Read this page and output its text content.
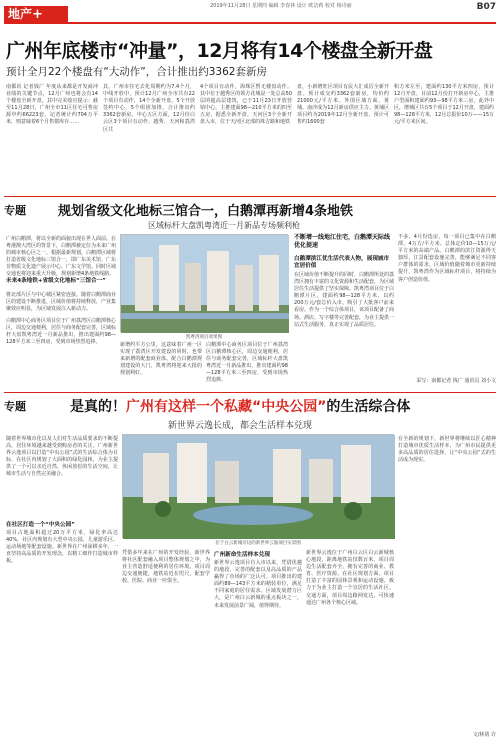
地产+
2019年11月28日 星期四 编辑 李春林 设计 欧洁莉 校对 杨诗丽	B07
广州年底楼市“冲量”，12月将有14个楼盘全新开盘
预计全月22个楼盘有“大动作”，合计推出约3362套新房
南都讯 记者钱广 年度从来都是开发商冲业绩的关键节点，12月广州也将会有14个楼盘全新开盘，其中完美收官提示：截至11月28日，广州全市11区住宅可售房源中约66223套，记者统计约704万平米，则意味着6个月售罄库存……
其，广州市住宅去化周期约为7.4个月，中线开放中，预计12月广州全市共有22个项目有动作，14个全新开盘，5个开放签约中心，5个组团加推，合计推出约3362套新房。中心五区方面，12月份白云区3个项目有动作，越秀、天河和荔湾区共
4个项目有动作，海珠区暂无楼盘动作。其中位于越秀区的领方花城是一处总高50层的超高层建筑，已于11月23日开放营销中心。主推建面98—210平方米的四至五房，据悉全新开盘。天河区3个全新开盘入市，位于天河区北部的珠吉路和地铁
盘，小新增旺区项目有民大汇成厉全新开盘。预计成交约3362套新房，均价约21000元/平方米。外围区域方面，黄埔、南沙成为12月新房供应主力。黄埔区项目约为2019年12月全新开盘，预计可售约1600套
积方米左至，建面约130平方米四房，预计12月开盘。目前12月份打开新房中心，主推户型面积建面约93—98平方米三房，此外中区，增城区共有5个项目于12月开盘，建面约98—128平方米，12月总报价10万——15万元/平方米区间。
专题 规划省级文化地标三馆合一，白鹅潭再新增4条地铁
区域标杆大盘凯粤湾近一月新品专场频利枪
广州白鹅潭，将以全新的面貌出现在世人面前。在粤港澳大湾区的背景下，白鹅潭被定位为未来广州的城市核心区之一。根据最新规划，白鹅潭区域将打造省级文化地标三馆合一，即广东美术馆、广东非物质文化遗产展示中心、广东文学馆。同时区域交通也将迎来重大升级，规划新增4条地铁线路。
未来4条地铁+省级文化地标“三馆合一”
将北部片区与中心城区紧密连接。随着白鹅潭商业区的建设不断推进，区域价值将持续释放，产业集聚效应明显，为区域发展注入新动力。
凯粤湾项目效果图
新增约平方公里，这意味着广州一区实现了荔湾区开发建设的同时，也带来新增的配套商业体。配合白鹅潭规划建设的大门，凯粤湾将迎来大批的规划利好。
白鹅潭中心商务区项目位于广州荔湾区白鹅潭核心区，周边交通便利，居住与商务配套完善，区域标杆大盘凯粤湾近一月新品推出，推出建面约98—128平方米三至四房，受到市场热烈追捧。
白鹅潭中心商务区项目位于广州荔湾区白鹅潭核心区，周边交通便利，居住与商务配套完善，区域标杆大盘凯粤湾近一月新品推出，推出建面约98—128平方米三至四房，受到市场热烈追捧。
不断增一线地江住宅，白鹅潭天际线优化提速
白鹅潭滨江优生活代表人物，展现城市宜居价值
在区域价值不断提升的同时，白鹅潭所处的荔湾区拥有丰富的文化资源和生活配套，为区域居住生活提供了坚实保障。凯粤湾项目位于白鹅潭片区，建面约98—128平方米，以约200万元/套总价入市，吸引了大批客户前来看房。作为一个综合体项目，该项目配备了商场、酒店、写字楼等完善配套，为业主提供一站式生活服务，真正实现了品质居住。
不多，4月份选房，每一项目已集中在白鹅潭，4万方/平方米。总体定价10—15万元/平方米的高端产品。白鹅潭的滨江资源得天独厚，江景配套设施完善，能够满足不同客户群体的需求。区域价值随着城市更新持续提升，凯粤湾作为区域标杆项目，将持续为客户创造价值。
采写：南都记者 钱广 通讯员 刘小文
专题	是真的！广州有这样一个私藏“中央公园”的生活综合体
新世界云逸长成，都会生活样本兑现
随着世界城市化以及人们对生活品质要求的不断提高，居住环境越来越受到购房者的关注。广州新世界云逸项目以打造“中央公园”式的生活综合体为目标，在社区内规划了大面积的绿化园林，为业主提供了一个可以亲近自然、休闲放松的生活空间，让城市生活与自然完美融合。
在社区打造一个“中央公园”
项目占地面积超过20万平方米，绿化率高达40%，社区内规划有大型中央公园、儿童游乐区、运动场地等配套设施。新世界在广州深耕多年，一直坚持高品质的开发理念，以精工细作打造城市样板。
位于白云新城旁边的新世界云逸项目实景图
凭借多年来在广州的开发经验，新世界将社区配套融入项目整体规划之中，为业主营造舒适便利的居住环境。项目周边交通便捷，地铁站近在咫尺，配套学校、医院、商业一应俱全。
广州新命生活样本兑现
新世界云逸项目自入市以来，凭借优越的地段、完善的配套以及高品质的产品赢得了市场的广泛认可。项目推出的建面约89—143平方米的精装单位，满足不同家庭的居住需求。区域发展潜力巨大，是广州白云新城的重点板块之一，未来发展前景广阔，值得期待。
新世界云逸位于广州白云区白云新城核心地段，距离地铁站仅数百米，项目周边生活配套齐全，拥有完善的商业、教育、医疗资源。在社区规划方面，项目打造了丰富的园林景观和运动设施，致力于为业主打造一个宜居的生活社区。交通方面，项目周边路网发达，可快速通达广州各个核心区域。
在全新的规划下，新世界将继续以匠心精神打造城市优质生活样本，为广州市民提供更多高品质的居住选择，让“中央公园”式的生活成为现实。
文/林倩 许
